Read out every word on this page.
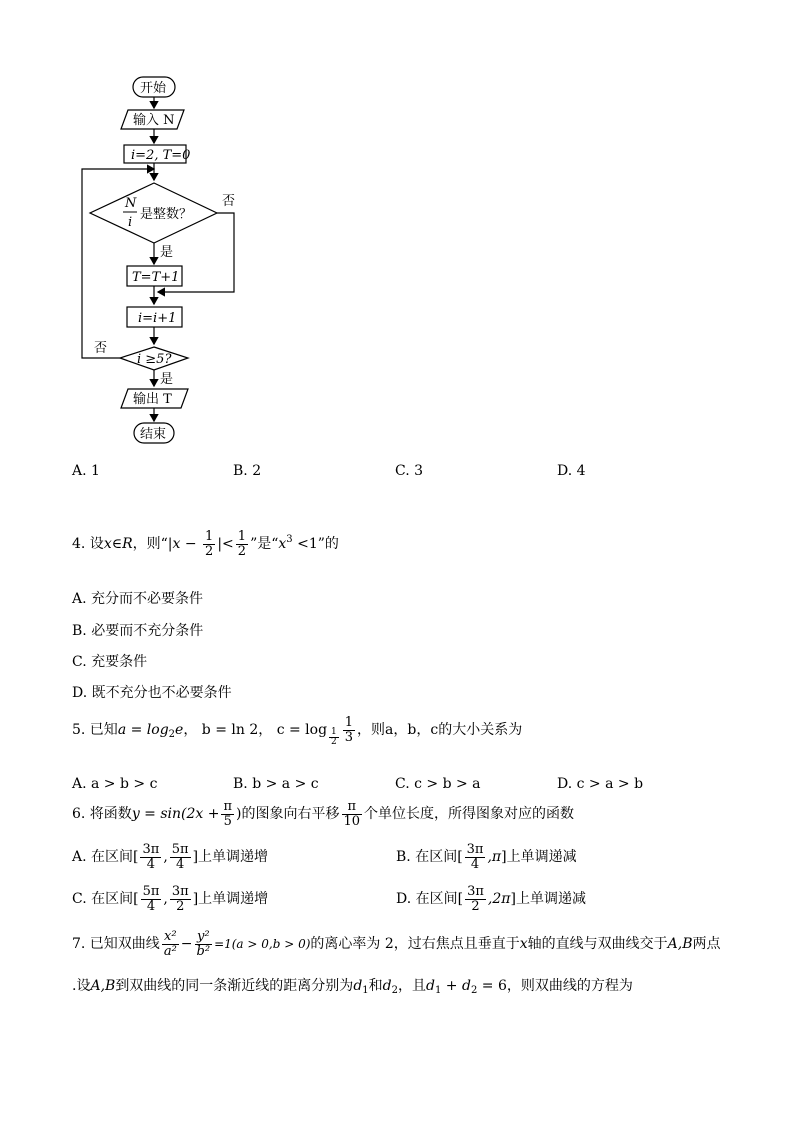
开始
输入 N
i=2, T=0
N
i
是整数？
是
否
T=T+1
i=i+1
i ≥5?
否
是
输出 T
结束
A. 1	B. 2	C. 3	D. 4
4. 设x∈R，则“$|x - \frac{1}{2}$ |< $\frac{1}{2}$ ”是“$x^3 <1$”的
A. 充分而不必要条件
B. 必要而不充分条件
C. 充要条件
D. 既不充分也不必要条件
5. 已知$a = \log_2e$， b = ln 2， $c = \log \frac{1}{2} \frac{1}{3}$ ，则a，b，c的大小关系为
A. a > b > c	B. b > a > c	C. c > b > a	D. c > a > b
6. 将函数$y = \sin(2x + \frac{\pi}{5}$ )的图象向右平移 $\frac{\pi}{10}$ 个单位长度，所得图象对应的函数
A. 在区间[ $\frac{3\pi}{4}$ , $\frac{5\pi}{4}$ ]上单调递增	B. 在区间[ $\frac{3\pi}{4} ,\pi$]上单调递减
C. 在区间[ $\frac{5\pi}{4}$ , $\frac{3\pi}{2}$ ]上单调递增	D. 在区间[ $\frac{3\pi}{2} ,2\pi$]上单调递减
7. 已知双曲线 $\frac{\text{x²}}{\text{a²}} - \frac{\text{y²}}{\text{b²}} =1(a > 0,b > 0)$的离心率为 2，过右焦点且垂直于x轴的直线与双曲线交于A,B两点
.设A,B到双曲线的同一条渐近线的距离分别为$d_1$和$d_2$，且$d_1 + d_2 = 6$，则双曲线的方程为
